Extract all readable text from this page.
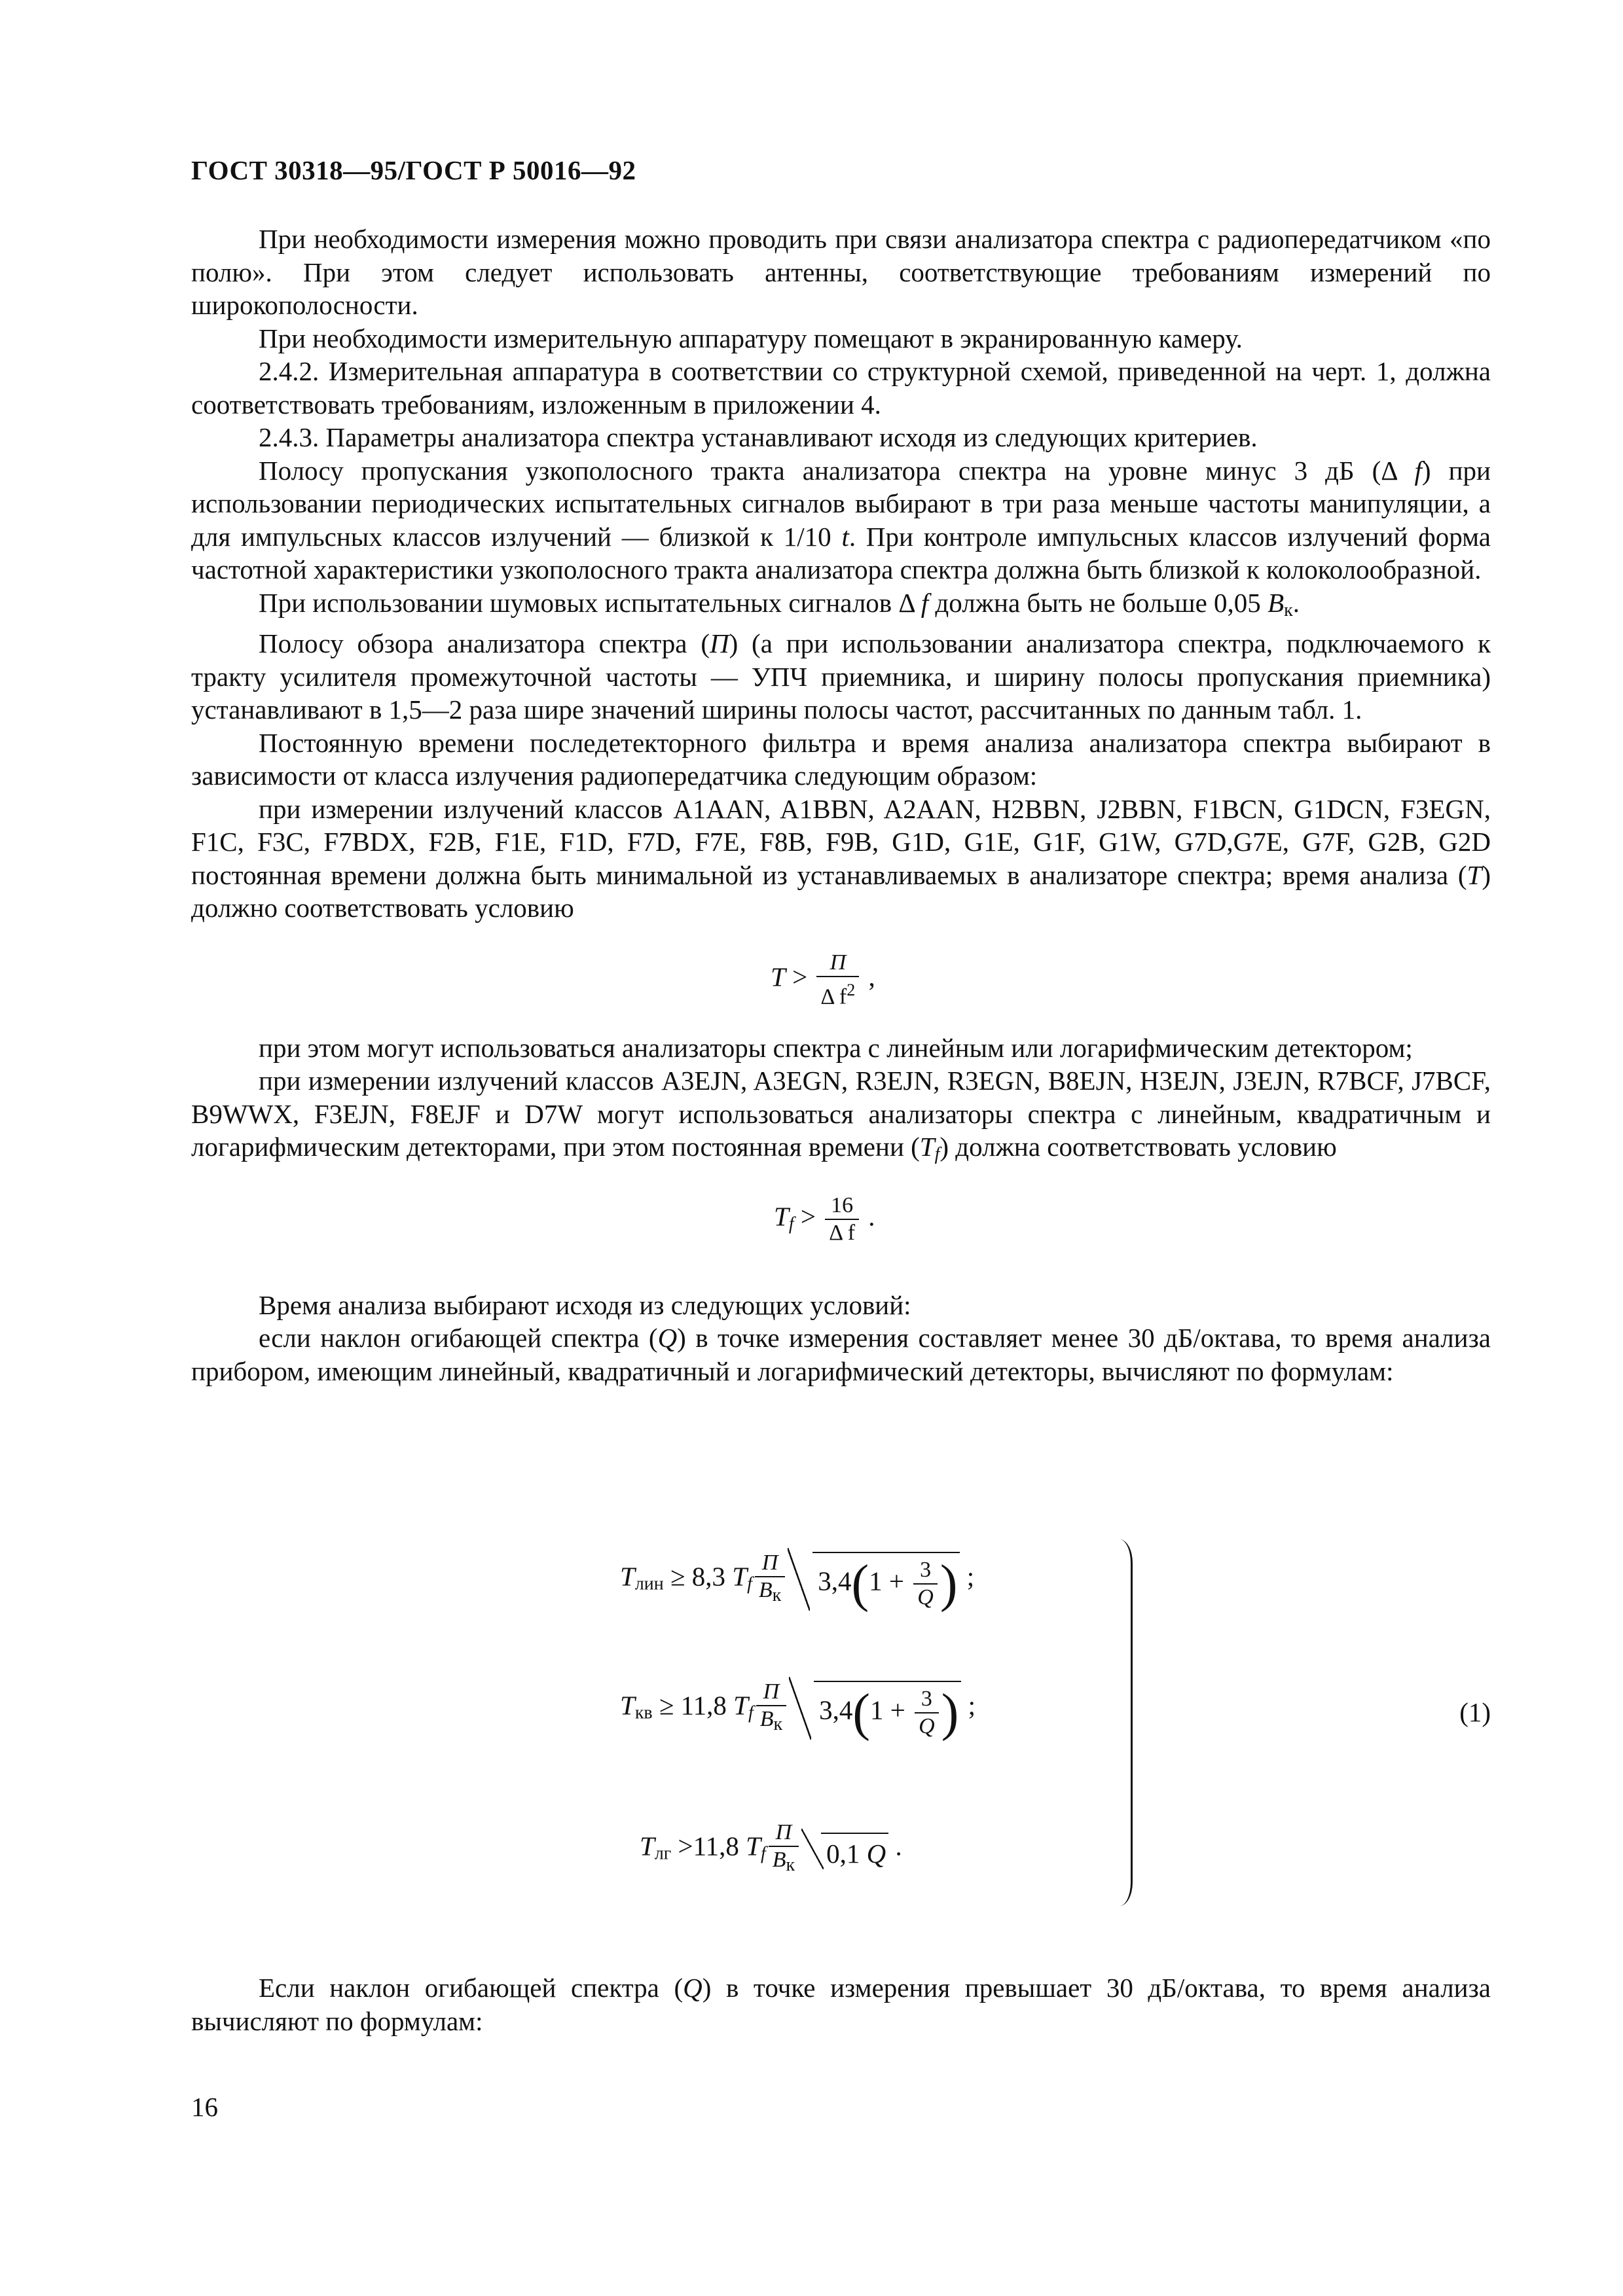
ГОСТ 30318—95/ГОСТ Р 50016—92

При необходимости измерения можно проводить при связи анализатора спектра с радиопередатчиком «по полю». При этом следует использовать антенны, соответствующие требованиям измерений по широкополосности.

При необходимости измерительную аппаратуру помещают в экранированную камеру.

2.4.2. Измерительная аппаратура в соответствии со структурной схемой, приведенной на черт. 1, должна соответствовать требованиям, изложенным в приложении 4.

2.4.3. Параметры анализатора спектра устанавливают исходя из следующих критериев.

Полосу пропускания узкополосного тракта анализатора спектра на уровне минус 3 дБ (Δ f) при использовании периодических испытательных сигналов выбирают в три раза меньше частоты манипуляции, а для импульсных классов излучений — близкой к 1/10 t. При контроле импульсных классов излучений форма частотной характеристики узкополосного тракта анализатора спектра должна быть близкой к колоколообразной.

При использовании шумовых испытательных сигналов Δ f должна быть не больше 0,05 $B_к$.

Полосу обзора анализатора спектра (П) (а при использовании анализатора спектра, подключаемого к тракту усилителя промежуточной частоты — УПЧ приемника, и ширину полосы пропускания приемника) устанавливают в 1,5—2 раза шире значений ширины полосы частот, рассчитанных по данным табл. 1.

Постоянную времени последетекторного фильтра и время анализа анализатора спектра выбирают в зависимости от класса излучения радиопередатчика следующим образом:

при измерении излучений классов A1AAN, A1BBN, A2AAN, H2BBN, J2BBN, F1BCN, G1DCN, F3EGN, F1C, F3C, F7BDX, F2B, F1E, F1D, F7D, F7E, F8B, F9B, G1D, G1E, G1F, G1W, G7D,G7E, G7F, G2B, G2D постоянная времени должна быть минимальной из устанавливаемых в анализаторе спектра; время анализа (T) должно соответствовать условию

$T > \frac{П}{\Delta f^2}$ ,

при этом могут использоваться анализаторы спектра с линейным или логарифмическим детектором;

при измерении излучений классов A3EJN, A3EGN, R3EJN, R3EGN, B8EJN, H3EJN, J3EJN, R7BCF, J7BCF, B9WWX, F3EJN, F8EJF и D7W могут использоваться анализаторы спектра с линейным, квадратичным и логарифмическим детекторами, при этом постоянная времени $(T_f)$ должна соответствовать условию

$T_f > \frac{16}{\text{Δ f}}$ .

Время анализа выбирают исходя из следующих условий:

если наклон огибающей спектра (Q) в точке измерения составляет менее 30 дБ/октава, то время анализа прибором, имеющим линейный, квадратичный и логарифмический детекторы, вычисляют по формулам:

$T_{лин} \ge 8,3$ $T_f \frac{П}{B_к} 3,4(1 + \frac{3}{Q}$ ) ;
$T_{кв} \ge 11,8$ $T_f \frac{П}{B_к} 3,4(1 + \frac{3}{Q}$ ) ;
$T_{лг} >11,8$ $T_f \frac{П}{B_к} 0,1$ Q .
(1)

Если наклон огибающей спектра (Q) в точке измерения превышает 30 дБ/октава, то время анализа вычисляют по формулам:

16
